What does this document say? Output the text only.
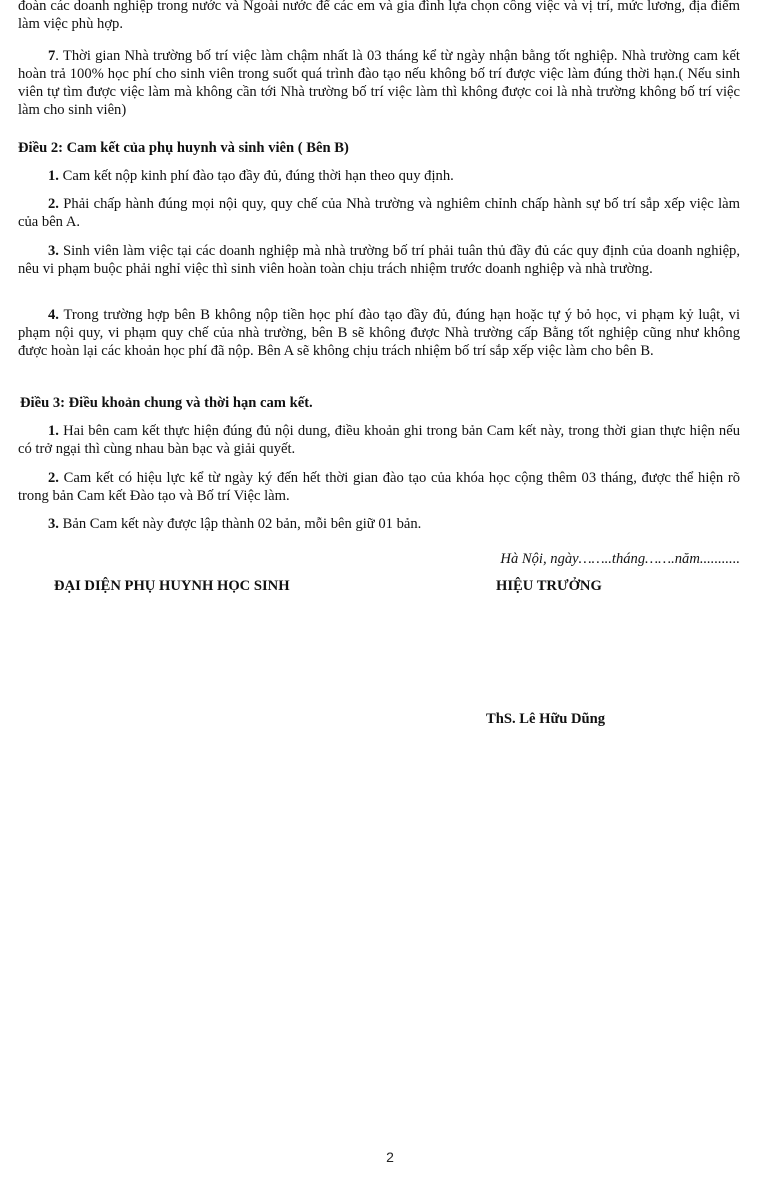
đoàn các doanh nghiệp trong nước và Ngoài nước để các em và gia đình lựa chọn công việc và vị trí, mức lương, địa điểm làm việc phù hợp.

7. Thời gian Nhà trường bố trí việc làm chậm nhất là 03 tháng kể từ ngày nhận bằng tốt nghiệp. Nhà trường cam kết hoàn trả 100% học phí cho sinh viên trong suốt quá trình đào tạo nếu không bố trí được việc làm đúng thời hạn.( Nếu sinh viên tự tìm được việc làm mà không cần tới Nhà trường bố trí việc làm thì không được coi là nhà trường không bố trí việc làm cho sinh viên)

Điều 2: Cam kết của phụ huynh và sinh viên ( Bên B)

1. Cam kết nộp kinh phí đào tạo đầy đủ, đúng thời hạn theo quy định.

2. Phải chấp hành đúng mọi nội quy, quy chế của Nhà trường và nghiêm chỉnh chấp hành sự bố trí sắp xếp việc làm của bên A.

3. Sinh viên làm việc tại các doanh nghiệp mà nhà trường bố trí phải tuân thủ đầy đủ các quy định của doanh nghiệp, nêu vi phạm buộc phải nghỉ việc thì sinh viên hoàn toàn chịu trách nhiệm trước doanh nghiệp và nhà trường.

4. Trong trường hợp bên B không nộp tiền học phí đào tạo đầy đủ, đúng hạn hoặc tự ý bỏ học, vi phạm kỷ luật, vi phạm nội quy, vi phạm quy chế của nhà trường, bên B sẽ không được Nhà trường cấp Bằng tốt nghiệp cũng như không được hoàn lại các khoản học phí đã nộp. Bên A sẽ không chịu trách nhiệm bố trí sắp xếp việc làm cho bên B.

Điều 3: Điều khoản chung và thời hạn cam kết.

1. Hai bên cam kết thực hiện đúng đủ nội dung, điều khoản ghi trong bản Cam kết này, trong thời gian thực hiện nếu có trở ngại thì cùng nhau bàn bạc và giải quyết.

2. Cam kết có hiệu lực kể từ ngày ký đến hết thời gian đào tạo của khóa học cộng thêm 03 tháng, được thể hiện rõ trong bản Cam kết Đào tạo và Bố trí Việc làm.

3. Bản Cam kết này được lập thành 02 bản, mỗi bên giữ 01 bản.

Hà Nội, ngày……..tháng…….năm...........
ĐẠI DIỆN PHỤ HUYNH HỌC SINH	HIỆU TRƯỞNG
ThS. Lê Hữu Dũng
2
